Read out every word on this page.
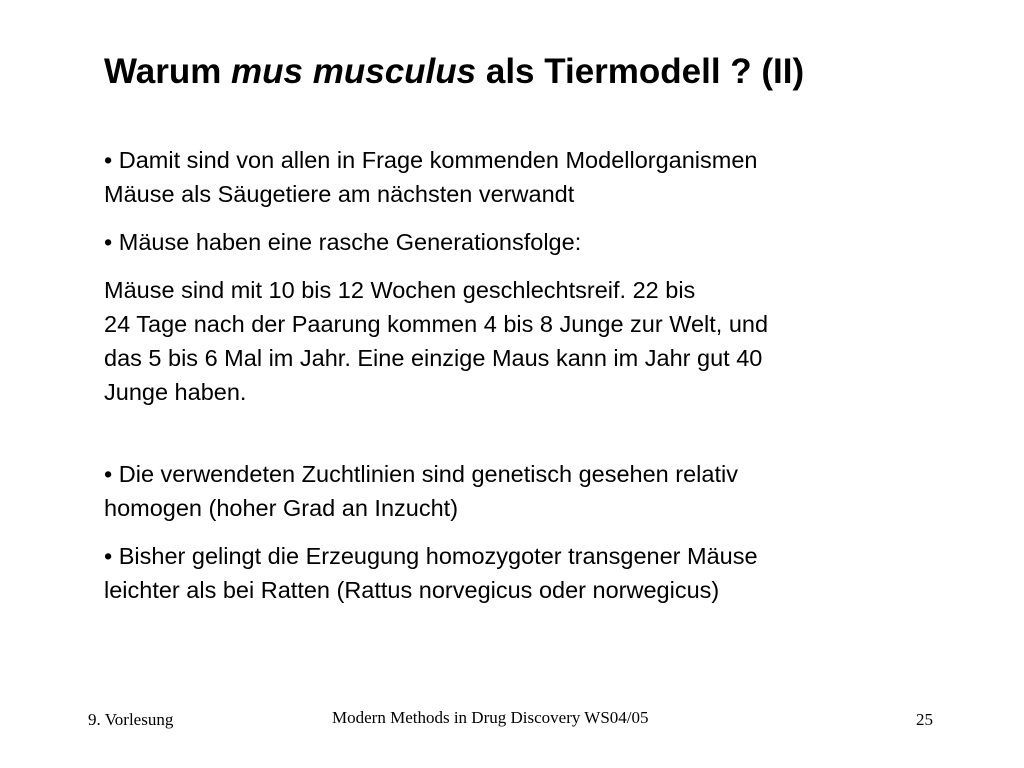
Warum mus musculus als Tiermodell ? (II)

• Damit sind von allen in Frage kommenden Modellorganismen
Mäuse als Säugetiere am nächsten verwandt

• Mäuse haben eine rasche Generationsfolge:

Mäuse sind mit 10 bis 12 Wochen geschlechtsreif. 22 bis
24 Tage nach der Paarung kommen 4 bis 8 Junge zur Welt, und
das 5 bis 6 Mal im Jahr. Eine einzige Maus kann im Jahr gut 40
Junge haben.

• Die verwendeten Zuchtlinien sind genetisch gesehen relativ
homogen (hoher Grad an Inzucht)

• Bisher gelingt die Erzeugung homozygoter transgener Mäuse
leichter als bei Ratten (Rattus norvegicus oder norwegicus)

9. Vorlesung	Modern Methods in Drug Discovery WS04/05	25
